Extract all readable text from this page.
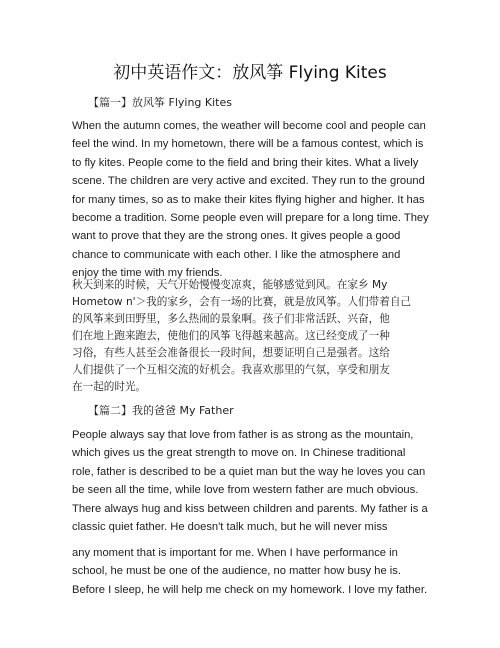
初中英语作文：放风筝 Flying Kites
【篇一】放风筝 Flying Kites
When the autumn comes, the weather will become cool and people can
feel the wind. In my hometown, there will be a famous contest, which is
to fly kites. People come to the field and bring their kites. What a lively
scene. The children are very active and excited. They run to the ground
for many times, so as to make their kites flying higher and higher. It has
become a tradition. Some people even will prepare for a long time. They
want to prove that they are the strong ones. It gives people a good
chance to communicate with each other. I like the atmosphere and
enjoy the time with my friends.
秋天到来的时候，天气开始慢慢变凉爽，能够感觉到风。在家乡 My
Hometow n'＞我的家乡，会有一场的比赛，就是放风筝。人们带着自己
的风筝来到田野里，多么热闹的景象啊。孩子们非常活跃、兴奋，他
们在地上跑来跑去，使他们的风筝飞得越来越高。这已经变成了一种
习俗，有些人甚至会准备很长一段时间，想要证明自己是强者。这给
人们提供了一个互相交流的好机会。我喜欢那里的气氛，享受和朋友
在一起的时光。
【篇二】我的爸爸 My Father
People always say that love from father is as strong as the mountain,
which gives us the great strength to move on. In Chinese traditional
role, father is described to be a quiet man but the way he loves you can
be seen all the time, while love from western father are much obvious.
There always hug and kiss between children and parents. My father is a
classic quiet father. He doesn't talk much, but he will never miss
any moment that is important for me. When I have performance in
school, he must be one of the audience, no matter how busy he is.
Before I sleep, he will help me check on my homework. I love my father.
